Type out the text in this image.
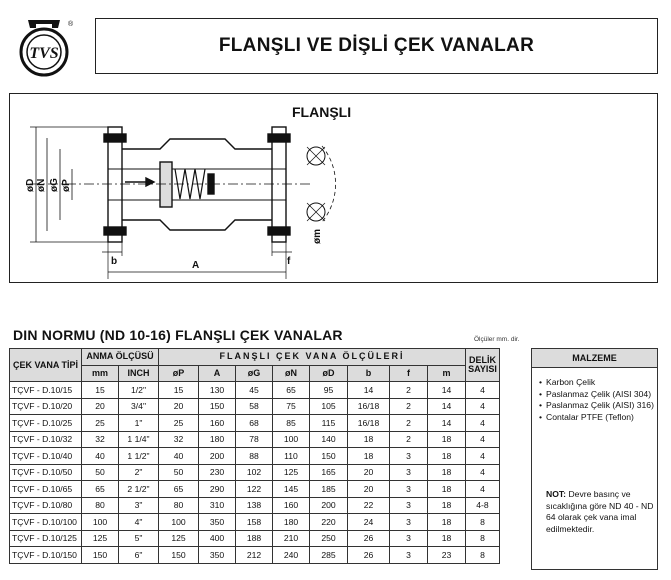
TVS
®
FLANŞLI VE DİŞLİ ÇEK VANALAR
FLANŞLI
øD øN øG øP
øm
b	f
A
DIN NORMU (ND 10-16) FLANŞLI ÇEK VANALAR	Ölçüler mm. dir.
ÇEK VANA TİPİ	ANMA ÖLÇÜSÜ		FLANŞLI ÇEK VANA ÖLÇÜLERİ								DELİK SAYISI
	mm	INCH	øP	A	øG	øN	øD	b	f	m	
TÇVF - D.10/15	15	1/2"	15	130	45	65	95	14	2	14	4
TÇVF - D.10/20	20	3/4"	20	150	58	75	105	16/18	2	14	4
TÇVF - D.10/25	25	1"	25	160	68	85	115	16/18	2	14	4
TÇVF - D.10/32	32	1 1/4"	32	180	78	100	140	18	2	18	4
TÇVF - D.10/40	40	1 1/2"	40	200	88	110	150	18	3	18	4
TÇVF - D.10/50	50	2"	50	230	102	125	165	20	3	18	4
TÇVF - D.10/65	65	2 1/2"	65	290	122	145	185	20	3	18	4
TÇVF - D.10/80	80	3"	80	310	138	160	200	22	3	18	4-8
TÇVF - D.10/100	100	4"	100	350	158	180	220	24	3	18	8
TÇVF - D.10/125	125	5"	125	400	188	210	250	26	3	18	8
TÇVF - D.10/150	150	6"	150	350	212	240	285	26	3	23	8
MALZEME
• Karbon Çelik
• Paslanmaz Çelik (AISI 304)
• Paslanmaz Çelik (AISI) 316)
• Contalar PTFE (Teflon)
NOT: Devre basınç ve sıcaklığına göre ND 40 - ND 64 olarak çek vana imal edilmektedir.
